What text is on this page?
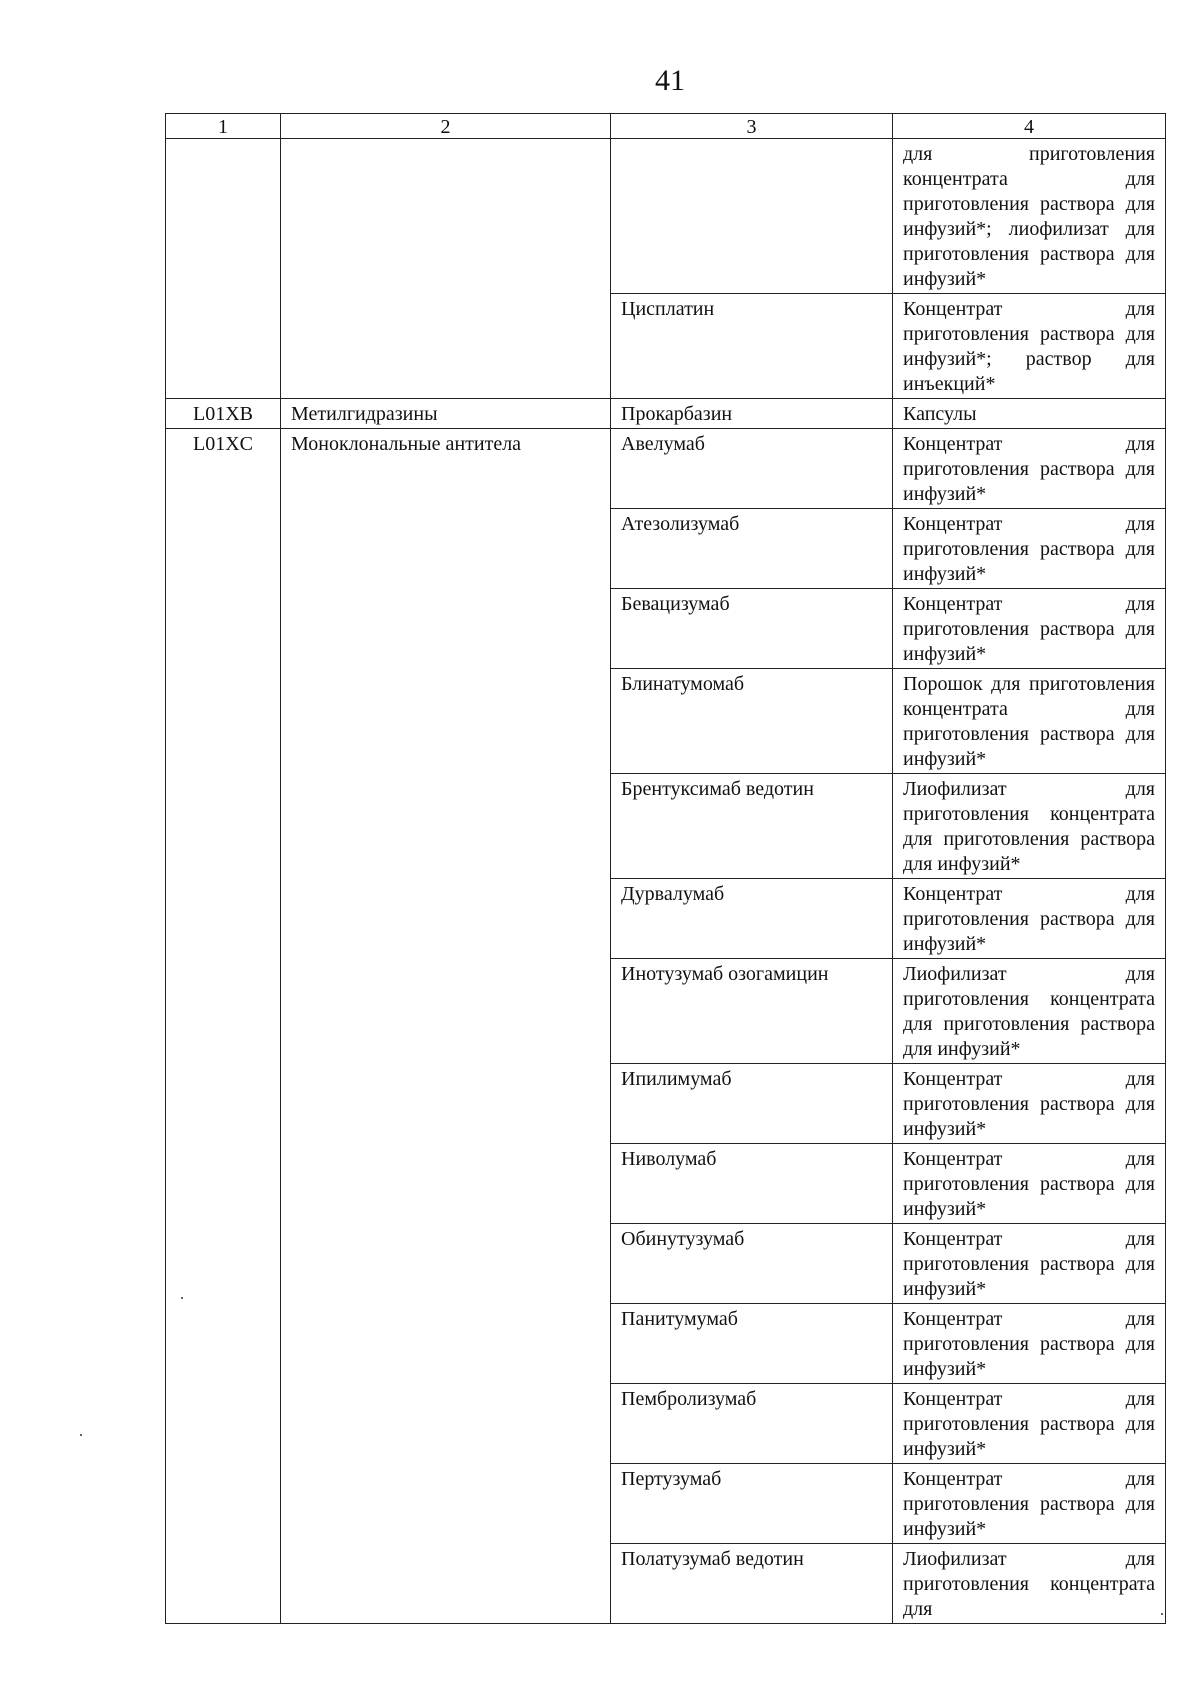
41
1	2	3	4
			для приготовления концентрата для приготовления раствора для инфузий*; лиофилизат для приготовления раствора для инфузий*
		Цисплатин	Концентрат для приготовления раствора для инфузий*; раствор для инъекций*
L01XB	Метилгидразины	Прокарбазин	Капсулы
L01XC	Моноклональные антитела	Авелумаб	Концентрат для приготовления раствора для инфузий*
		Атезолизумаб	Концентрат для приготовления раствора для инфузий*
		Бевацизумаб	Концентрат для приготовления раствора для инфузий*
		Блинатумомаб	Порошок для приготовления концентрата для приготовления раствора для инфузий*
		Брентуксимаб ведотин	Лиофилизат для приготовления концентрата для приготовления раствора для инфузий*
		Дурвалумаб	Концентрат для приготовления раствора для инфузий*
		Инотузумаб озогамицин	Лиофилизат для приготовления концентрата для приготовления раствора для инфузий*
		Ипилимумаб	Концентрат для приготовления раствора для инфузий*
		Ниволумаб	Концентрат для приготовления раствора для инфузий*
		Обинутузумаб	Концентрат для приготовления раствора для инфузий*
		Панитумумаб	Концентрат для приготовления раствора для инфузий*
		Пембролизумаб	Концентрат для приготовления раствора для инфузий*
		Пертузумаб	Концентрат для приготовления раствора для инфузий*
		Полатузумаб ведотин	Лиофилизат для приготовления концентрата для
